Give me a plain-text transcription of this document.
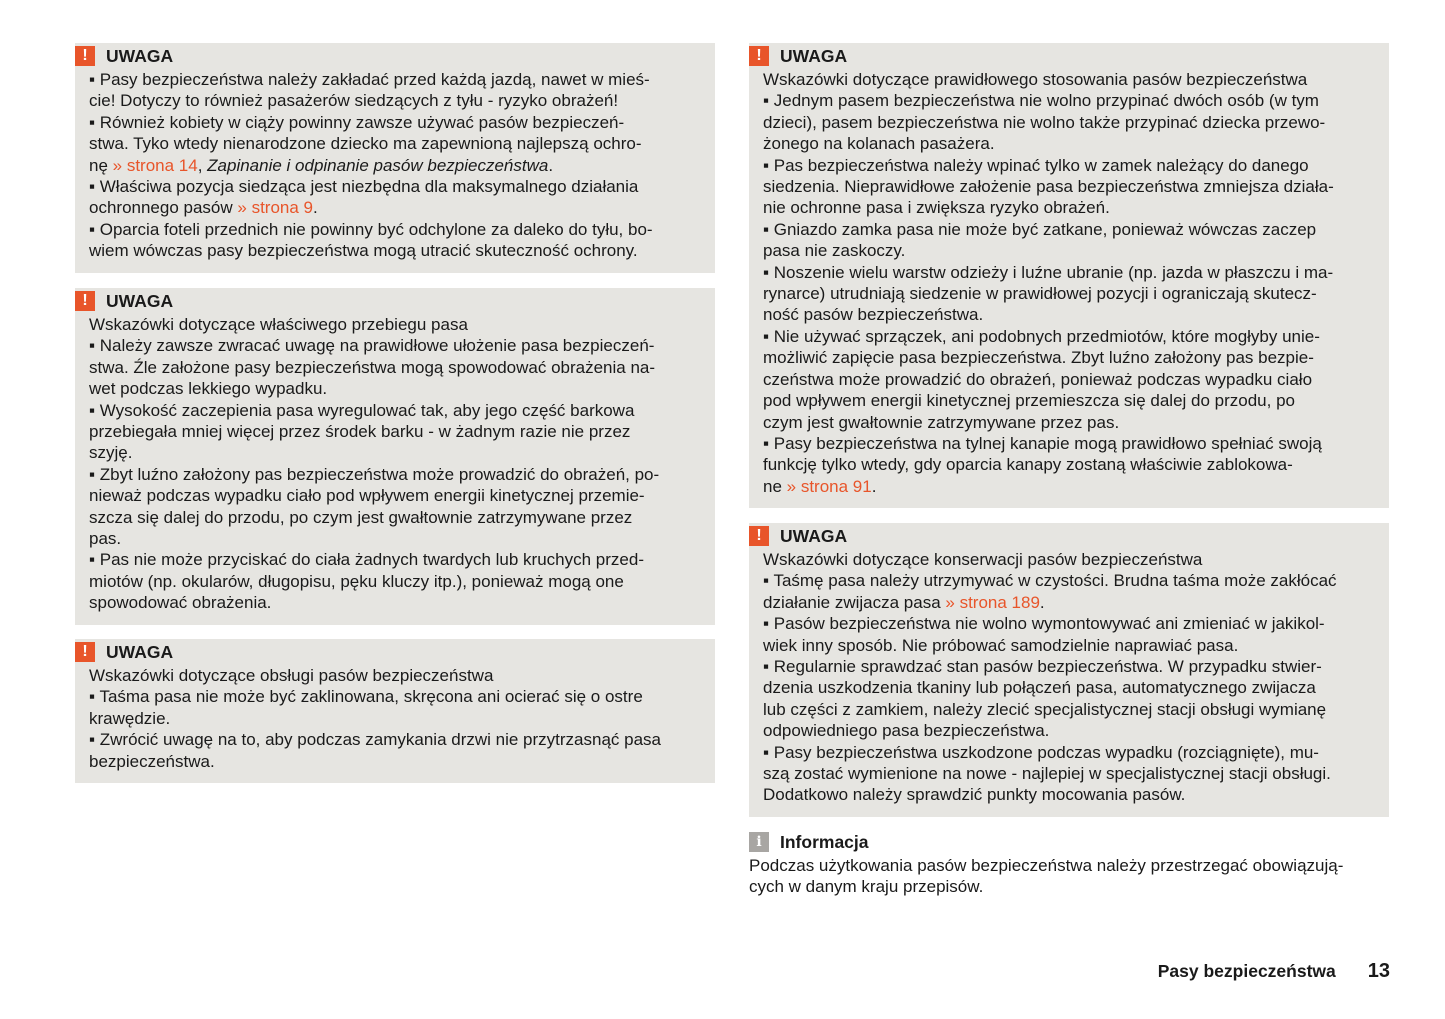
!	UWAGA
▪ Pasy bezpieczeństwa należy zakładać przed każdą jazdą, nawet w mieś-
cie! Dotyczy to również pasażerów siedzących z tyłu - ryzyko obrażeń!
▪ Również kobiety w ciąży powinny zawsze używać pasów bezpieczeń-
stwa. Tyko wtedy nienarodzone dziecko ma zapewnioną najlepszą ochro-
nę » strona 14, Zapinanie i odpinanie pasów bezpieczeństwa.
▪ Właściwa pozycja siedząca jest niezbędna dla maksymalnego działania
ochronnego pasów » strona 9.
▪ Oparcia foteli przednich nie powinny być odchylone za daleko do tyłu, bo-
wiem wówczas pasy bezpieczeństwa mogą utracić skuteczność ochrony.
!	UWAGA
Wskazówki dotyczące właściwego przebiegu pasa
▪ Należy zawsze zwracać uwagę na prawidłowe ułożenie pasa bezpieczeń-
stwa. Źle założone pasy bezpieczeństwa mogą spowodować obrażenia na-
wet podczas lekkiego wypadku.
▪ Wysokość zaczepienia pasa wyregulować tak, aby jego część barkowa
przebiegała mniej więcej przez środek barku - w żadnym razie nie przez
szyję.
▪ Zbyt luźno założony pas bezpieczeństwa może prowadzić do obrażeń, po-
nieważ podczas wypadku ciało pod wpływem energii kinetycznej przemie-
szcza się dalej do przodu, po czym jest gwałtownie zatrzymywane przez
pas.
▪ Pas nie może przyciskać do ciała żadnych twardych lub kruchych przed-
miotów (np. okularów, długopisu, pęku kluczy itp.), ponieważ mogą one
spowodować obrażenia.
!	UWAGA
Wskazówki dotyczące obsługi pasów bezpieczeństwa
▪ Taśma pasa nie może być zaklinowana, skręcona ani ocierać się o ostre
krawędzie.
▪ Zwrócić uwagę na to, aby podczas zamykania drzwi nie przytrzasnąć pasa
bezpieczeństwa.
!	UWAGA
Wskazówki dotyczące prawidłowego stosowania pasów bezpieczeństwa
▪ Jednym pasem bezpieczeństwa nie wolno przypinać dwóch osób (w tym
dzieci), pasem bezpieczeństwa nie wolno także przypinać dziecka przewo-
żonego na kolanach pasażera.
▪ Pas bezpieczeństwa należy wpinać tylko w zamek należący do danego
siedzenia. Nieprawidłowe założenie pasa bezpieczeństwa zmniejsza działa-
nie ochronne pasa i zwiększa ryzyko obrażeń.
▪ Gniazdo zamka pasa nie może być zatkane, ponieważ wówczas zaczep
pasa nie zaskoczy.
▪ Noszenie wielu warstw odzieży i luźne ubranie (np. jazda w płaszczu i ma-
rynarce) utrudniają siedzenie w prawidłowej pozycji i ograniczają skutecz-
ność pasów bezpieczeństwa.
▪ Nie używać sprzączek, ani podobnych przedmiotów, które mogłyby unie-
możliwić zapięcie pasa bezpieczeństwa. Zbyt luźno założony pas bezpie-
czeństwa może prowadzić do obrażeń, ponieważ podczas wypadku ciało
pod wpływem energii kinetycznej przemieszcza się dalej do przodu, po
czym jest gwałtownie zatrzymywane przez pas.
▪ Pasy bezpieczeństwa na tylnej kanapie mogą prawidłowo spełniać swoją
funkcję tylko wtedy, gdy oparcia kanapy zostaną właściwie zablokowa-
ne » strona 91.
!	UWAGA
Wskazówki dotyczące konserwacji pasów bezpieczeństwa
▪ Taśmę pasa należy utrzymywać w czystości. Brudna taśma może zakłócać
działanie zwijacza pasa » strona 189.
▪ Pasów bezpieczeństwa nie wolno wymontowywać ani zmieniać w jakikol-
wiek inny sposób. Nie próbować samodzielnie naprawiać pasa.
▪ Regularnie sprawdzać stan pasów bezpieczeństwa. W przypadku stwier-
dzenia uszkodzenia tkaniny lub połączeń pasa, automatycznego zwijacza
lub części z zamkiem, należy zlecić specjalistycznej stacji obsługi wymianę
odpowiedniego pasa bezpieczeństwa.
▪ Pasy bezpieczeństwa uszkodzone podczas wypadku (rozciągnięte), mu-
szą zostać wymienione na nowe - najlepiej w specjalistycznej stacji obsługi.
Dodatkowo należy sprawdzić punkty mocowania pasów.
i	Informacja
Podczas użytkowania pasów bezpieczeństwa należy przestrzegać obowiązują-
cych w danym kraju przepisów.
Pasy bezpieczeństwa 13
